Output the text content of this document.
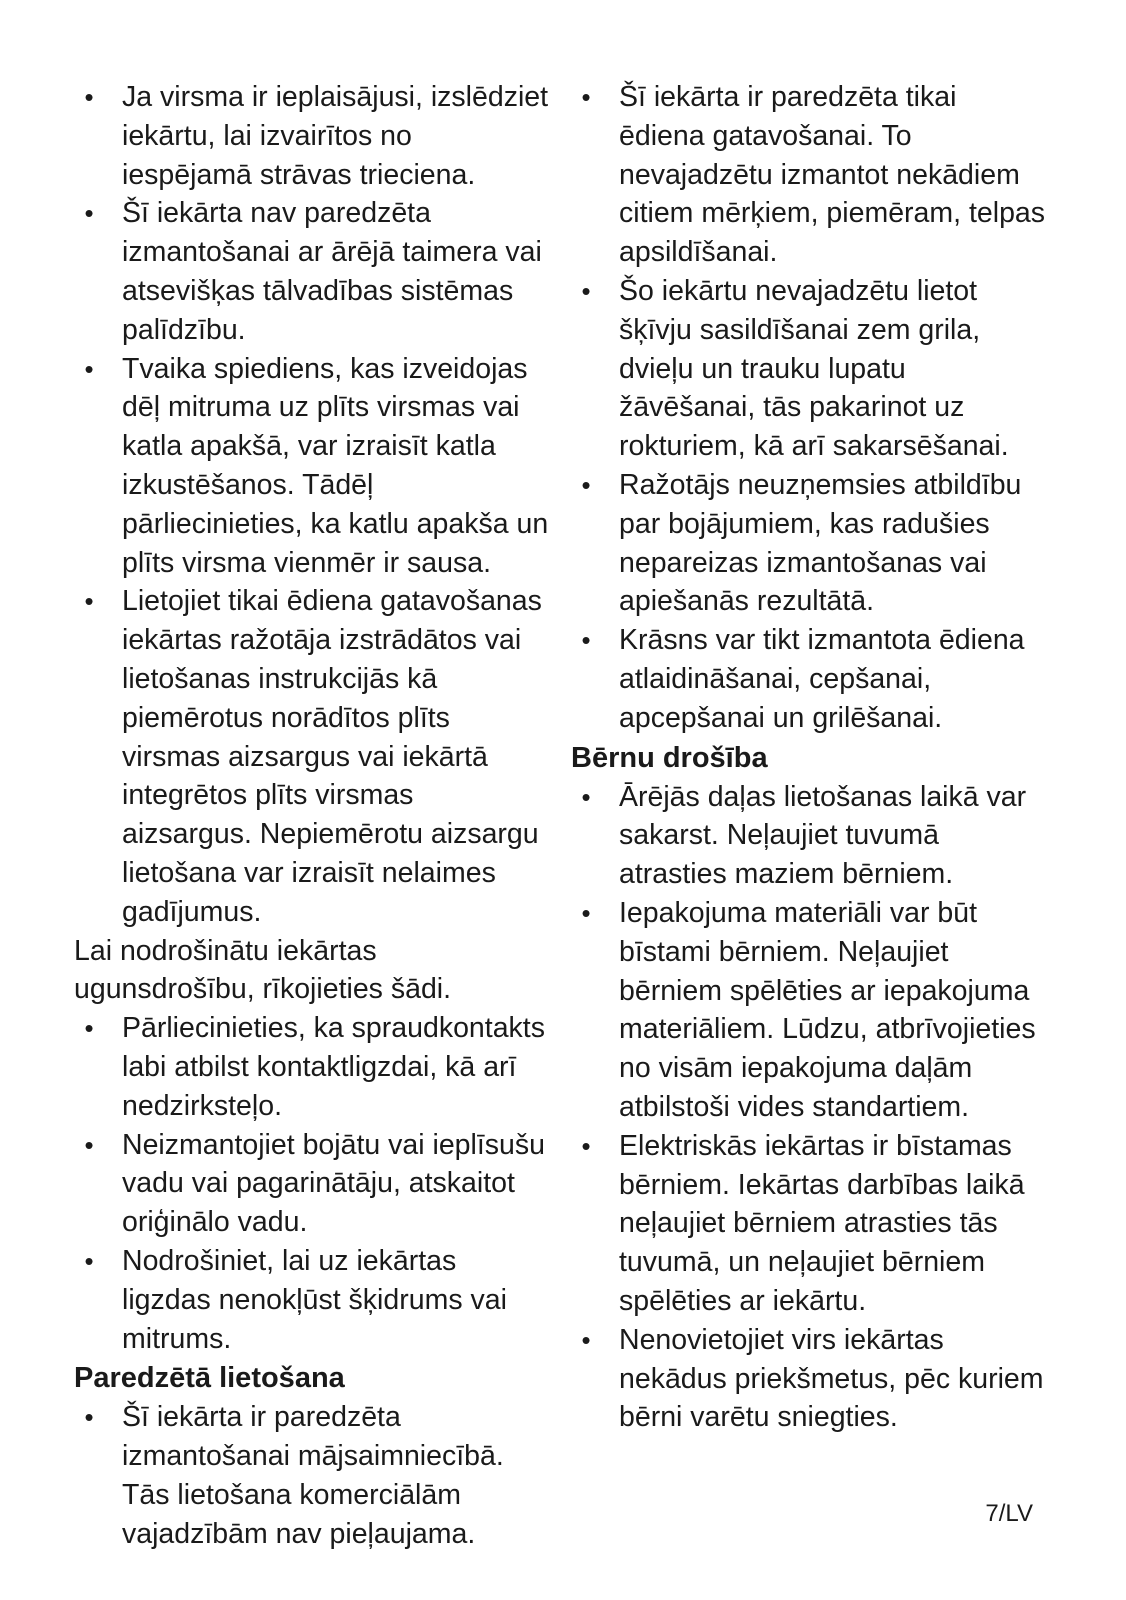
• Ja virsma ir ieplaisājusi, izslēdziet iekārtu, lai izvairītos no iespējamā strāvas trieciena.
• Šī iekārta nav paredzēta izmantošanai ar ārējā taimera vai atsevišķas tālvadības sistēmas palīdzību.
• Tvaika spiediens, kas izveidojas dēļ mitruma uz plīts virsmas vai katla apakšā, var izraisīt katla izkustēšanos. Tādēļ pārliecinieties, ka katlu apakša un plīts virsma vienmēr ir sausa.
• Lietojiet tikai ēdiena gatavošanas iekārtas ražotāja izstrādātos vai lietošanas instrukcijās kā piemērotus norādītos plīts virsmas aizsargus vai iekārtā integrētos plīts virsmas aizsargus. Nepiemērotu aizsargu lietošana var izraisīt nelaimes gadījumus.

Lai nodrošinātu iekārtas ugunsdrošību, rīkojieties šādi.

• Pārliecinieties, ka spraudkontakts labi atbilst kontaktligzdai, kā arī nedzirksteļo.
• Neizmantojiet bojātu vai ieplīsušu vadu vai pagarinātāju, atskaitot oriģinālo vadu.
• Nodrošiniet, lai uz iekārtas ligzdas nenokļūst šķidrums vai mitrums.
Paredzētā lietošana
• Šī iekārta ir paredzēta izmantošanai mājsaimniecībā. Tās lietošana komerciālām vajadzībām nav pieļaujama.
• Šī iekārta ir paredzēta tikai ēdiena gatavošanai. To nevajadzētu izmantot nekādiem citiem mērķiem, piemēram, telpas apsildīšanai.
• Šo iekārtu nevajadzētu lietot šķīvju sasildīšanai zem grila, dvieļu un trauku lupatu žāvēšanai, tās pakarinot uz rokturiem, kā arī sakarsēšanai.
• Ražotājs neuzņemsies atbildību par bojājumiem, kas radušies nepareizas izmantošanas vai apiešanās rezultātā.
• Krāsns var tikt izmantota ēdiena atlaidināšanai, cepšanai, apcepšanai un grilēšanai.
Bērnu drošība
• Ārējās daļas lietošanas laikā var sakarst. Neļaujiet tuvumā atrasties maziem bērniem.
• Iepakojuma materiāli var būt bīstami bērniem. Neļaujiet bērniem spēlēties ar iepakojuma materiāliem. Lūdzu, atbrīvojieties no visām iepakojuma daļām atbilstoši vides standartiem.
• Elektriskās iekārtas ir bīstamas bērniem. Iekārtas darbības laikā neļaujiet bērniem atrasties tās tuvumā, un neļaujiet bērniem spēlēties ar iekārtu.
• Nenovietojiet virs iekārtas nekādus priekšmetus, pēc kuriem bērni varētu sniegties.
7/LV
